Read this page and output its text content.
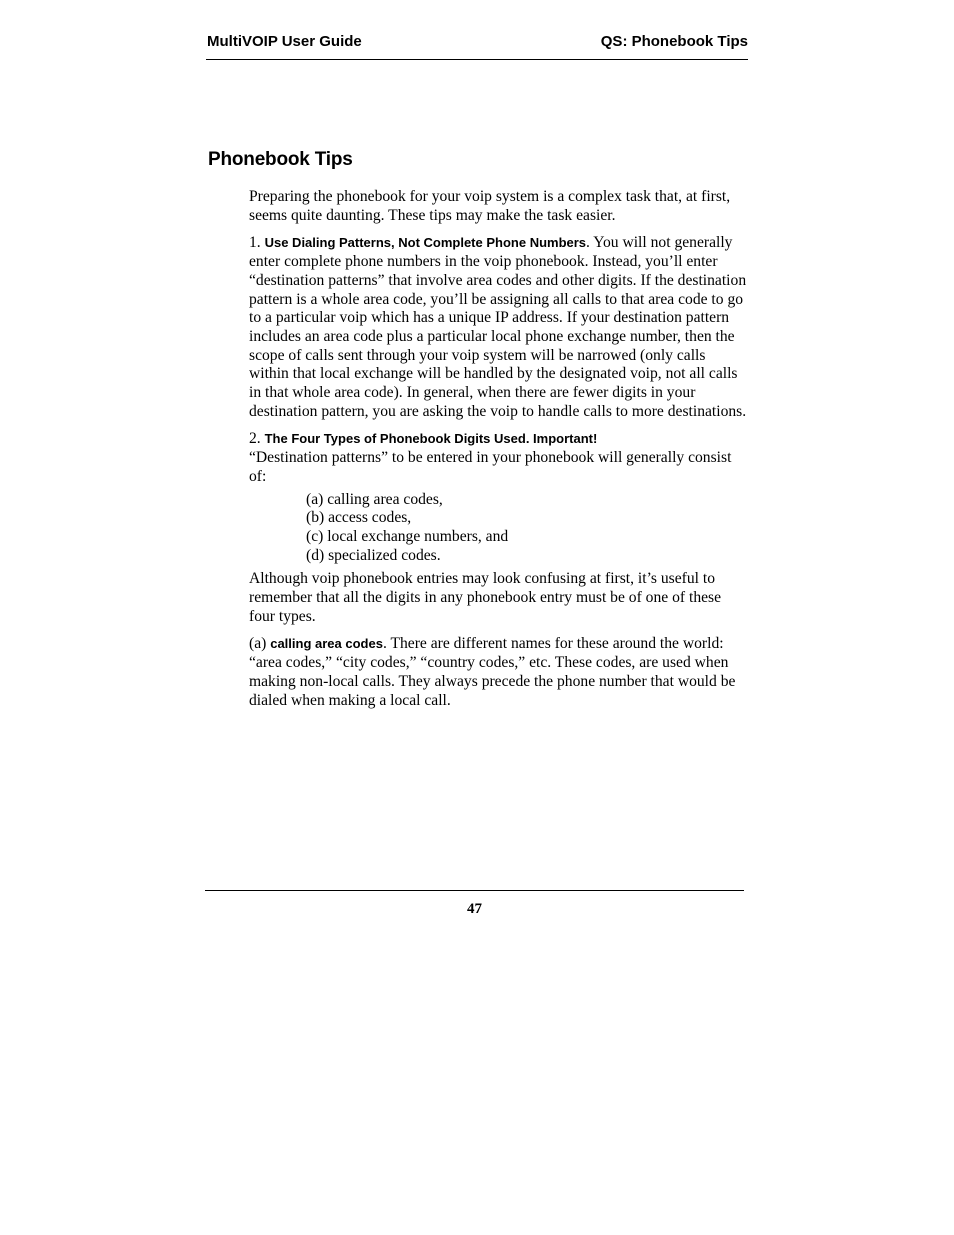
MultiVOIP User Guide	QS: Phonebook Tips
Phonebook Tips

Preparing the phonebook for your voip system is a complex task that, at first, seems quite daunting. These tips may make the task easier.

1. Use Dialing Patterns, Not Complete Phone Numbers. You will not generally enter complete phone numbers in the voip phonebook. Instead, you’ll enter “destination patterns” that involve area codes and other digits. If the destination pattern is a whole area code, you’ll be assigning all calls to that area code to go to a particular voip which has a unique IP address. If your destination pattern includes an area code plus a particular local phone exchange number, then the scope of calls sent through your voip system will be narrowed (only calls within that local exchange will be handled by the designated voip, not all calls in that whole area code). In general, when there are fewer digits in your destination pattern, you are asking the voip to handle calls to more destinations.

2. The Four Types of Phonebook Digits Used. Important!
“Destination patterns” to be entered in your phonebook will generally consist of:
(a) calling area codes,
(b) access codes,
(c) local exchange numbers, and
(d) specialized codes.

Although voip phonebook entries may look confusing at first, it’s useful to remember that all the digits in any phonebook entry must be of one of these four types.

(a) calling area codes. There are different names for these around the world: “area codes,” “city codes,” “country codes,” etc. These codes, are used when making non-local calls. They always precede the phone number that would be dialed when making a local call.

47
